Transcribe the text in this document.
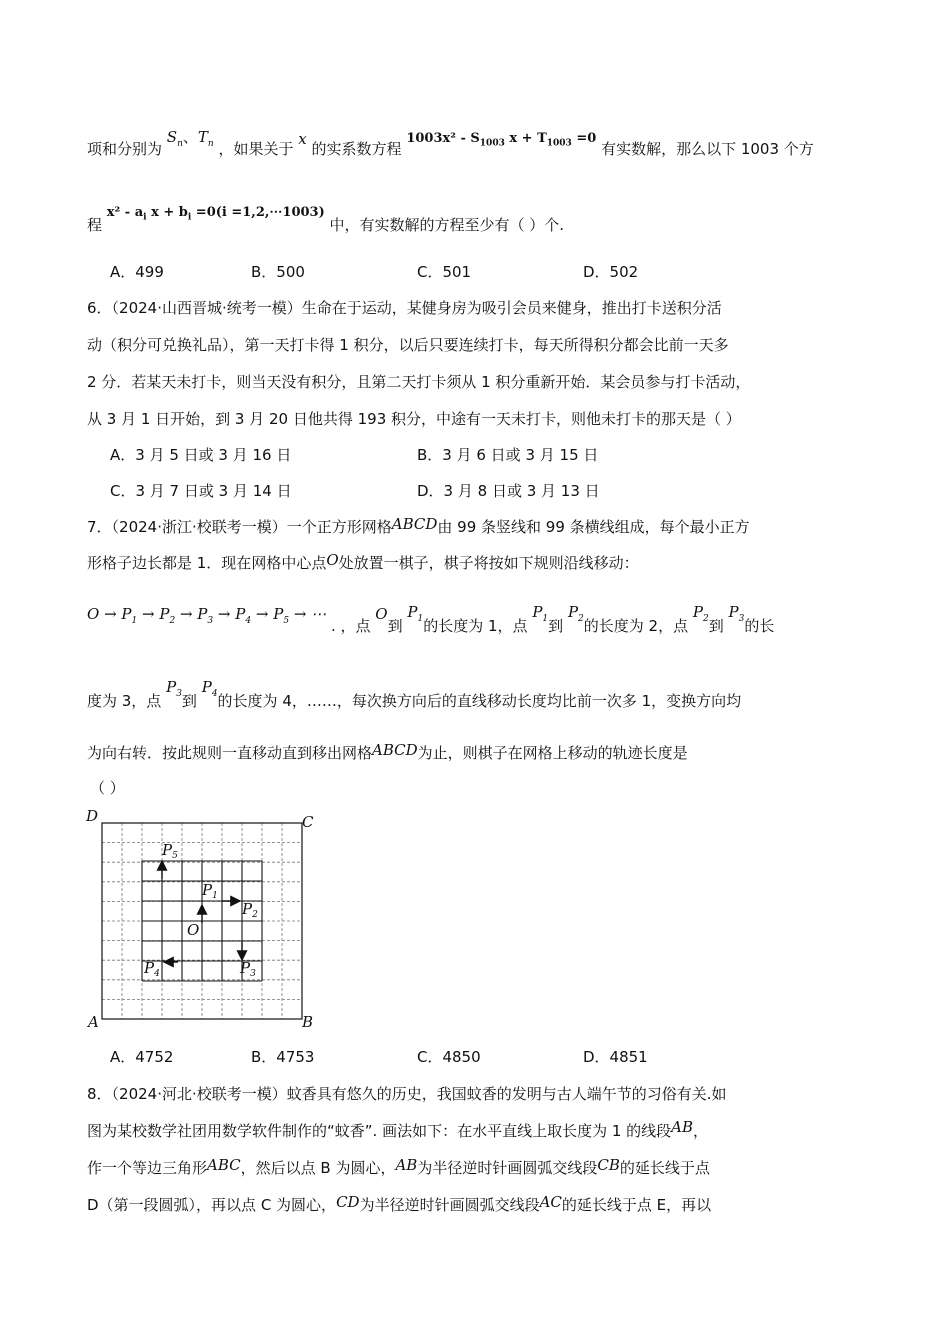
项和分别为 $S_n$、$T_n$ ，如果关于 x 的实系数方程 $1003x^2 - S_{1003}$ $x + T_{1003} =0$ 有实数解，那么以下 1003 个方
程 $x^2 - a_i$ $x + b_i =0(i$ =1,2,⋯1003) 中，有实数解的方程至少有（ ）个.
A．499	B．500	C．501	D．502
6．（2024·山西晋城·统考一模）生命在于运动，某健身房为吸引会员来健身，推出打卡送积分活
动（积分可兑换礼品），第一天打卡得 1 积分，以后只要连续打卡，每天所得积分都会比前一天多
2 分．若某天未打卡，则当天没有积分，且第二天打卡须从 1 积分重新开始．某会员参与打卡活动，
从 3 月 1 日开始，到 3 月 20 日他共得 193 积分，中途有一天未打卡，则他未打卡的那天是（ ）
A．3 月 5 日或 3 月 16 日	B．3 月 6 日或 3 月 15 日
C．3 月 7 日或 3 月 14 日	D．3 月 8 日或 3 月 13 日
7．（2024·浙江·校联考一模）一个正方形网格ABCD由 99 条竖线和 99 条横线组成，每个最小正方
形格子边长都是 1．现在网格中心点O处放置一棋子，棋子将按如下规则沿线移动：
$O \to P_1 \to P_2 \to P_3 \to P_4 \to P_5$ → ⋯ . ，点 O到 $P_1$的长度为 1，点 $P_1$到 $P_2$的长度为 2，点 $P_2$到 $P_3$的长
度为 3，点 $P_3$到 $P_4$的长度为 4，……，每次换方向后的直线移动长度均比前一次多 1，变换方向均
为向右转．按此规则一直移动直到移出网格ABCD为止，则棋子在网格上移动的轨迹长度是
（ ）
D	C
A	B
O
$P_1$
$P_2$
$P_3$
$P_4$
$P_5$
A．4752	B．4753	C．4850	D．4851
8．（2024·河北·校联考一模）蚊香具有悠久的历史，我国蚊香的发明与古人端午节的习俗有关.如
图为某校数学社团用数学软件制作的“蚊香”. 画法如下：在水平直线上取长度为 1 的线段AB，
作一个等边三角形ABC，然后以点 B 为圆心，AB为半径逆时针画圆弧交线段CB的延长线于点
D（第一段圆弧），再以点 C 为圆心，CD为半径逆时针画圆弧交线段AC的延长线于点 E，再以
